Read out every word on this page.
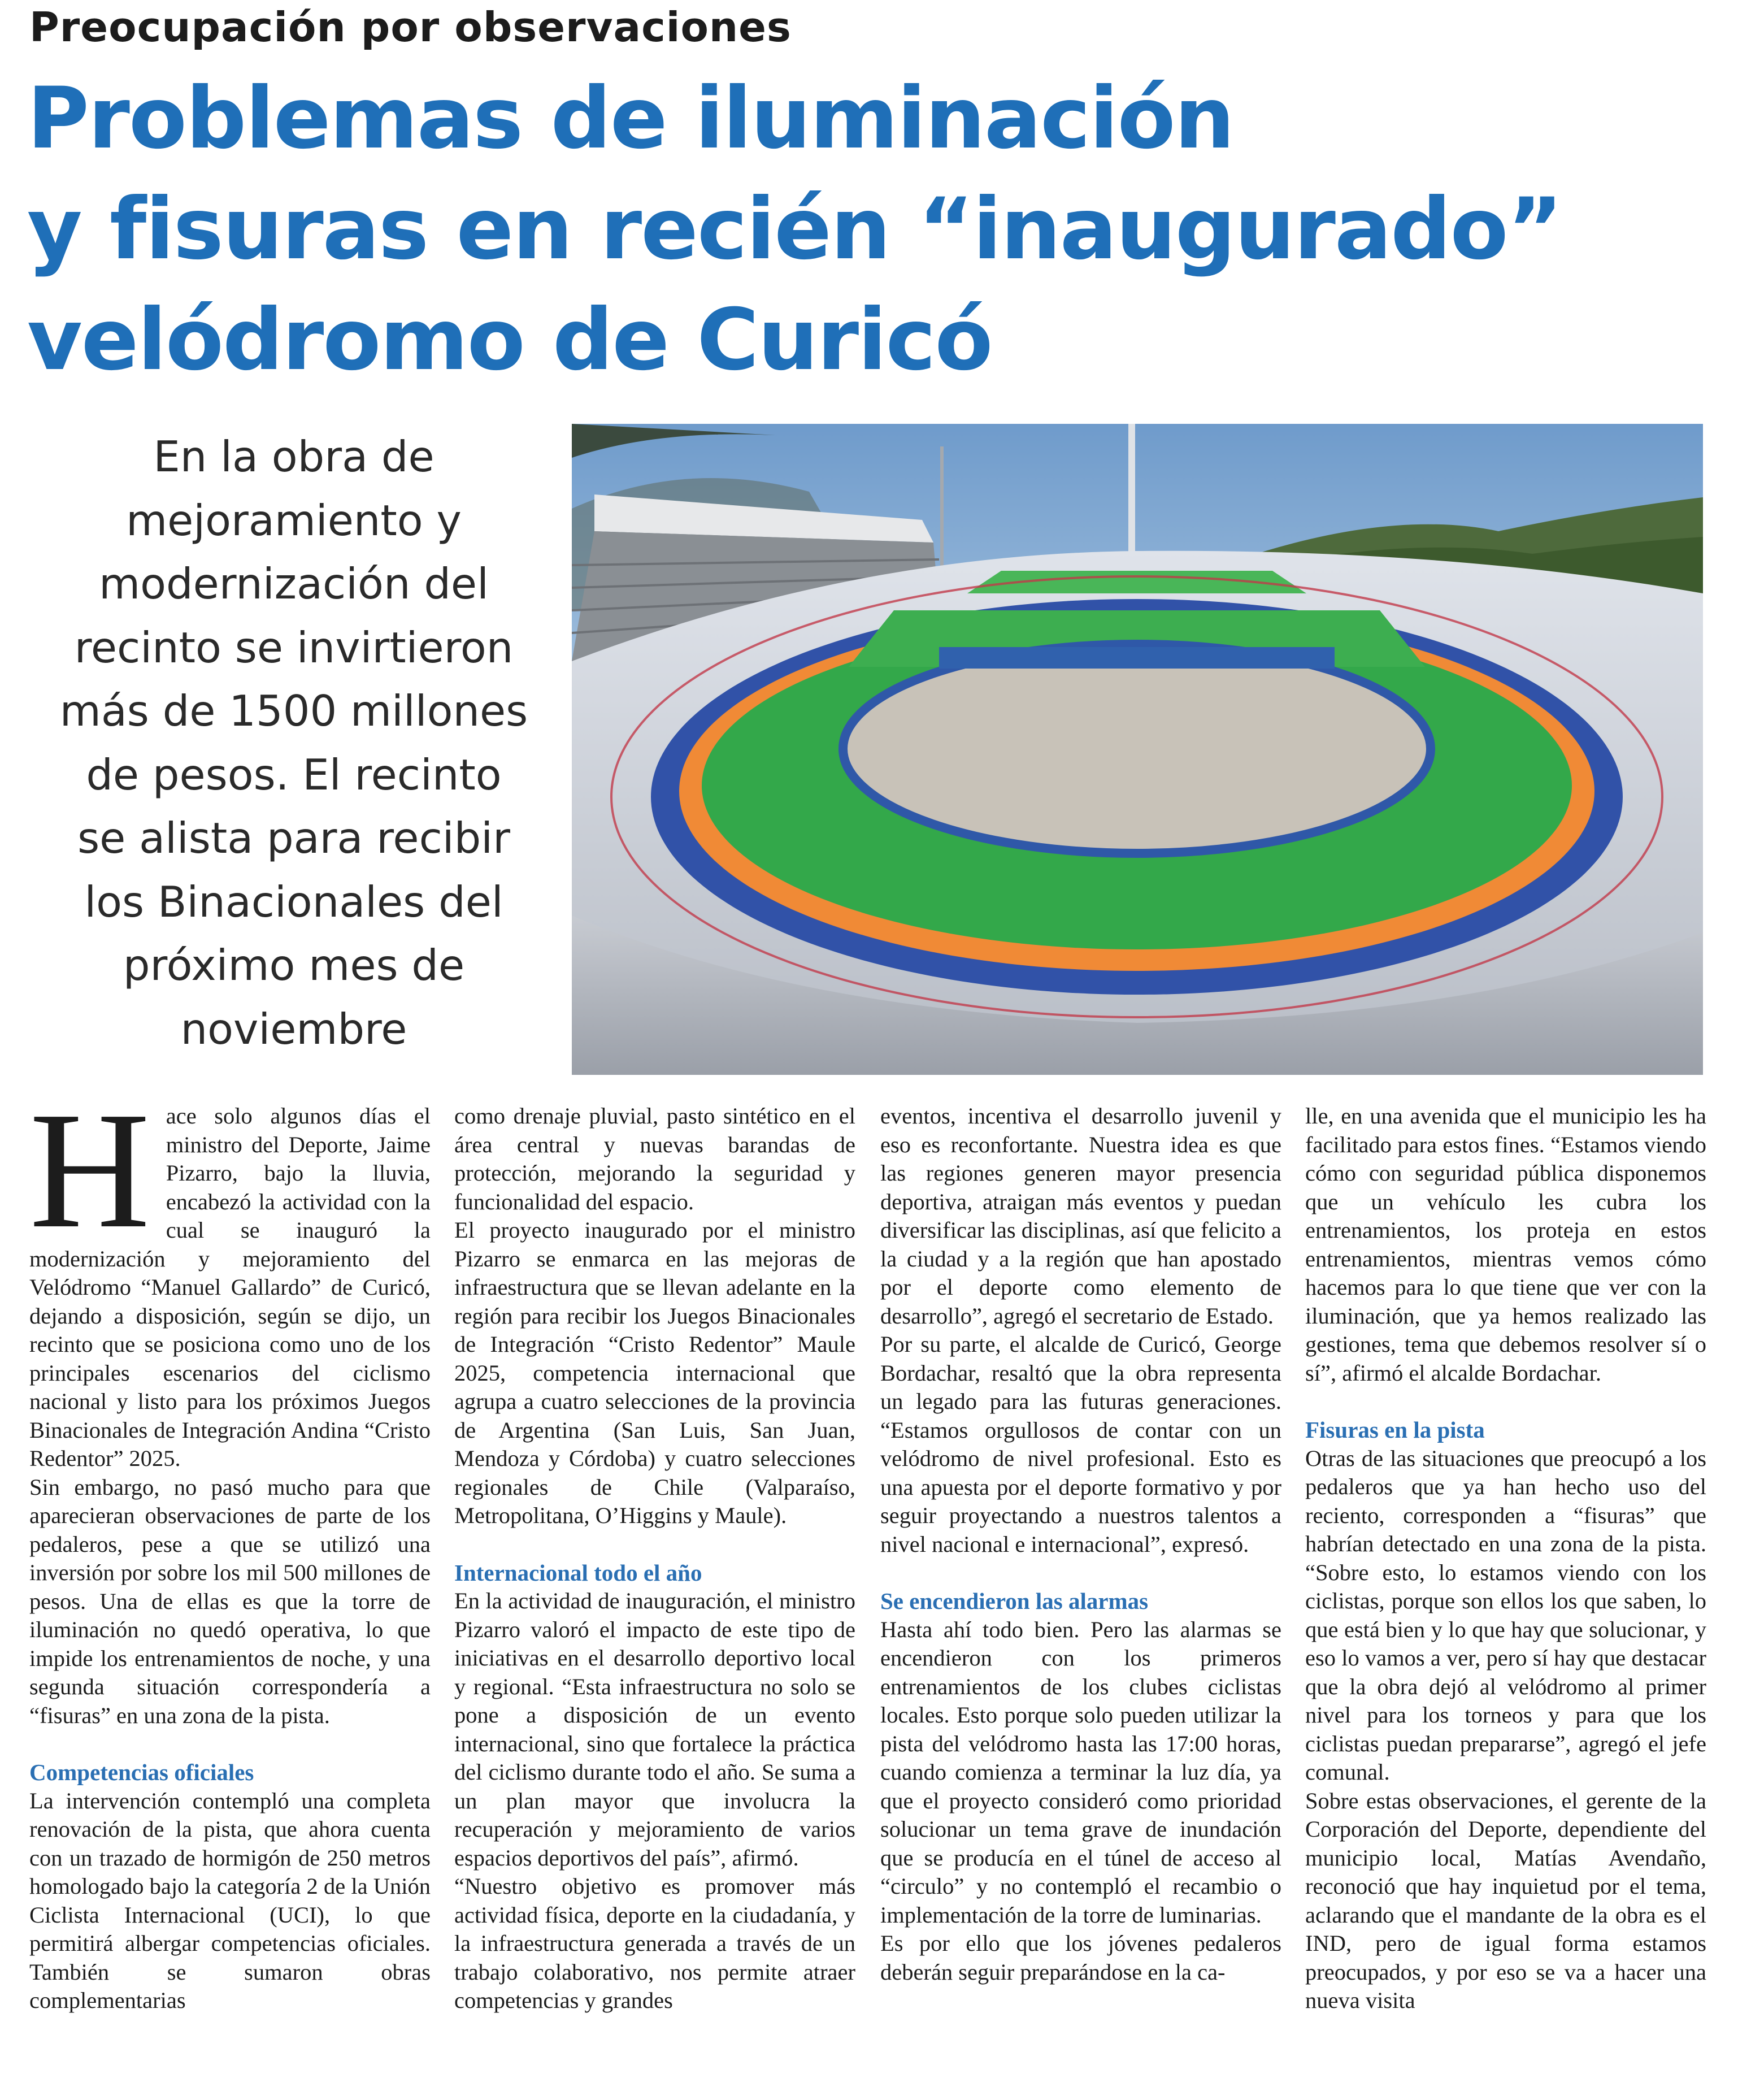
Preocupación por observaciones
Problemas de iluminación
y fisuras en recién “inaugurado”
velódromo de Curicó
En la obra de
mejoramiento y
modernización del
recinto se invirtieron
más de 1500 millones
de pesos. El recinto
se alista para recibir
los Binacionales del
próximo mes de
noviembre
H ace solo algunos días el ministro del Deporte, Jaime Pizarro, bajo la lluvia, encabezó la actividad con la cual se inauguró la modernización y mejoramiento del Velódromo “Manuel Gallardo” de Curicó, dejando a disposición, según se dijo, un recinto que se posiciona como uno de los principales escenarios del ciclismo nacional y listo para los próximos Juegos Binacionales de Integración Andina “Cristo Redentor” 2025.

Sin embargo, no pasó mucho para que aparecieran observaciones de parte de los pedaleros, pese a que se utilizó una inversión por sobre los mil 500 millones de pesos. Una de ellas es que la torre de iluminación no quedó operativa, lo que impide los entrenamientos de noche, y una segunda situación correspondería a “fisuras” en una zona de la pista.

Competencias oficiales

La intervención contempló una completa renovación de la pista, que ahora cuenta con un trazado de hormigón de 250 metros homologado bajo la categoría 2 de la Unión Ciclista Internacional (UCI), lo que permitirá albergar competencias oficiales. También se sumaron obras complementarias

como drenaje pluvial, pasto sintético en el área central y nuevas barandas de protección, mejorando la seguridad y funcionalidad del espacio.

El proyecto inaugurado por el ministro Pizarro se enmarca en las mejoras de infraestructura que se llevan adelante en la región para recibir los Juegos Binacionales de Integración “Cristo Redentor” Maule 2025, competencia internacional que agrupa a cuatro selecciones de la provincia de Argentina (San Luis, San Juan, Mendoza y Córdoba) y cuatro selecciones regionales de Chile (Valparaíso, Metropolitana, O’Higgins y Maule).

Internacional todo el año

En la actividad de inauguración, el ministro Pizarro valoró el impacto de este tipo de iniciativas en el desarrollo deportivo local y regional. “Esta infraestructura no solo se pone a disposición de un evento internacional, sino que fortalece la práctica del ciclismo durante todo el año. Se suma a un plan mayor que involucra la recuperación y mejoramiento de varios espacios deportivos del país”, afirmó.

“Nuestro objetivo es promover más actividad física, deporte en la ciudadanía, y la infraestructura generada a través de un trabajo colaborativo, nos permite atraer competencias y grandes

eventos, incentiva el desarrollo juvenil y eso es reconfortante. Nuestra idea es que las regiones generen mayor presencia deportiva, atraigan más eventos y puedan diversificar las disciplinas, así que felicito a la ciudad y a la región que han apostado por el deporte como elemento de desarrollo”, agregó el secretario de Estado.

Por su parte, el alcalde de Curicó, George Bordachar, resaltó que la obra representa un legado para las futuras generaciones. “Estamos orgullosos de contar con un velódromo de nivel profesional. Esto es una apuesta por el deporte formativo y por seguir proyectando a nuestros talentos a nivel nacional e internacional”, expresó.

Se encendieron las alarmas

Hasta ahí todo bien. Pero las alarmas se encendieron con los primeros entrenamientos de los clubes ciclistas locales. Esto porque solo pueden utilizar la pista del velódromo hasta las 17:00 horas, cuando comienza a terminar la luz día, ya que el proyecto consideró como prioridad solucionar un tema grave de inundación que se producía en el túnel de acceso al “circulo” y no contempló el recambio o implementación de la torre de luminarias.

Es por ello que los jóvenes pedaleros deberán seguir preparándose en la ca-

lle, en una avenida que el municipio les ha facilitado para estos fines. “Estamos viendo cómo con seguridad pública disponemos que un vehículo les cubra los entrenamientos, los proteja en estos entrenamientos, mientras vemos cómo hacemos para lo que tiene que ver con la iluminación, que ya hemos realizado las gestiones, tema que debemos resolver sí o sí”, afirmó el alcalde Bordachar.

Fisuras en la pista

Otras de las situaciones que preocupó a los pedaleros que ya han hecho uso del reciento, corresponden a “fisuras” que habrían detectado en una zona de la pista. “Sobre esto, lo estamos viendo con los ciclistas, porque son ellos los que saben, lo que está bien y lo que hay que solucionar, y eso lo vamos a ver, pero sí hay que destacar que la obra dejó al velódromo al primer nivel para los torneos y para que los ciclistas puedan prepararse”, agregó el jefe comunal.

Sobre estas observaciones, el gerente de la Corporación del Deporte, dependiente del municipio local, Matías Avendaño, reconoció que hay inquietud por el tema, aclarando que el mandante de la obra es el IND, pero de igual forma estamos preocupados, y por eso se va a hacer una nueva visita
